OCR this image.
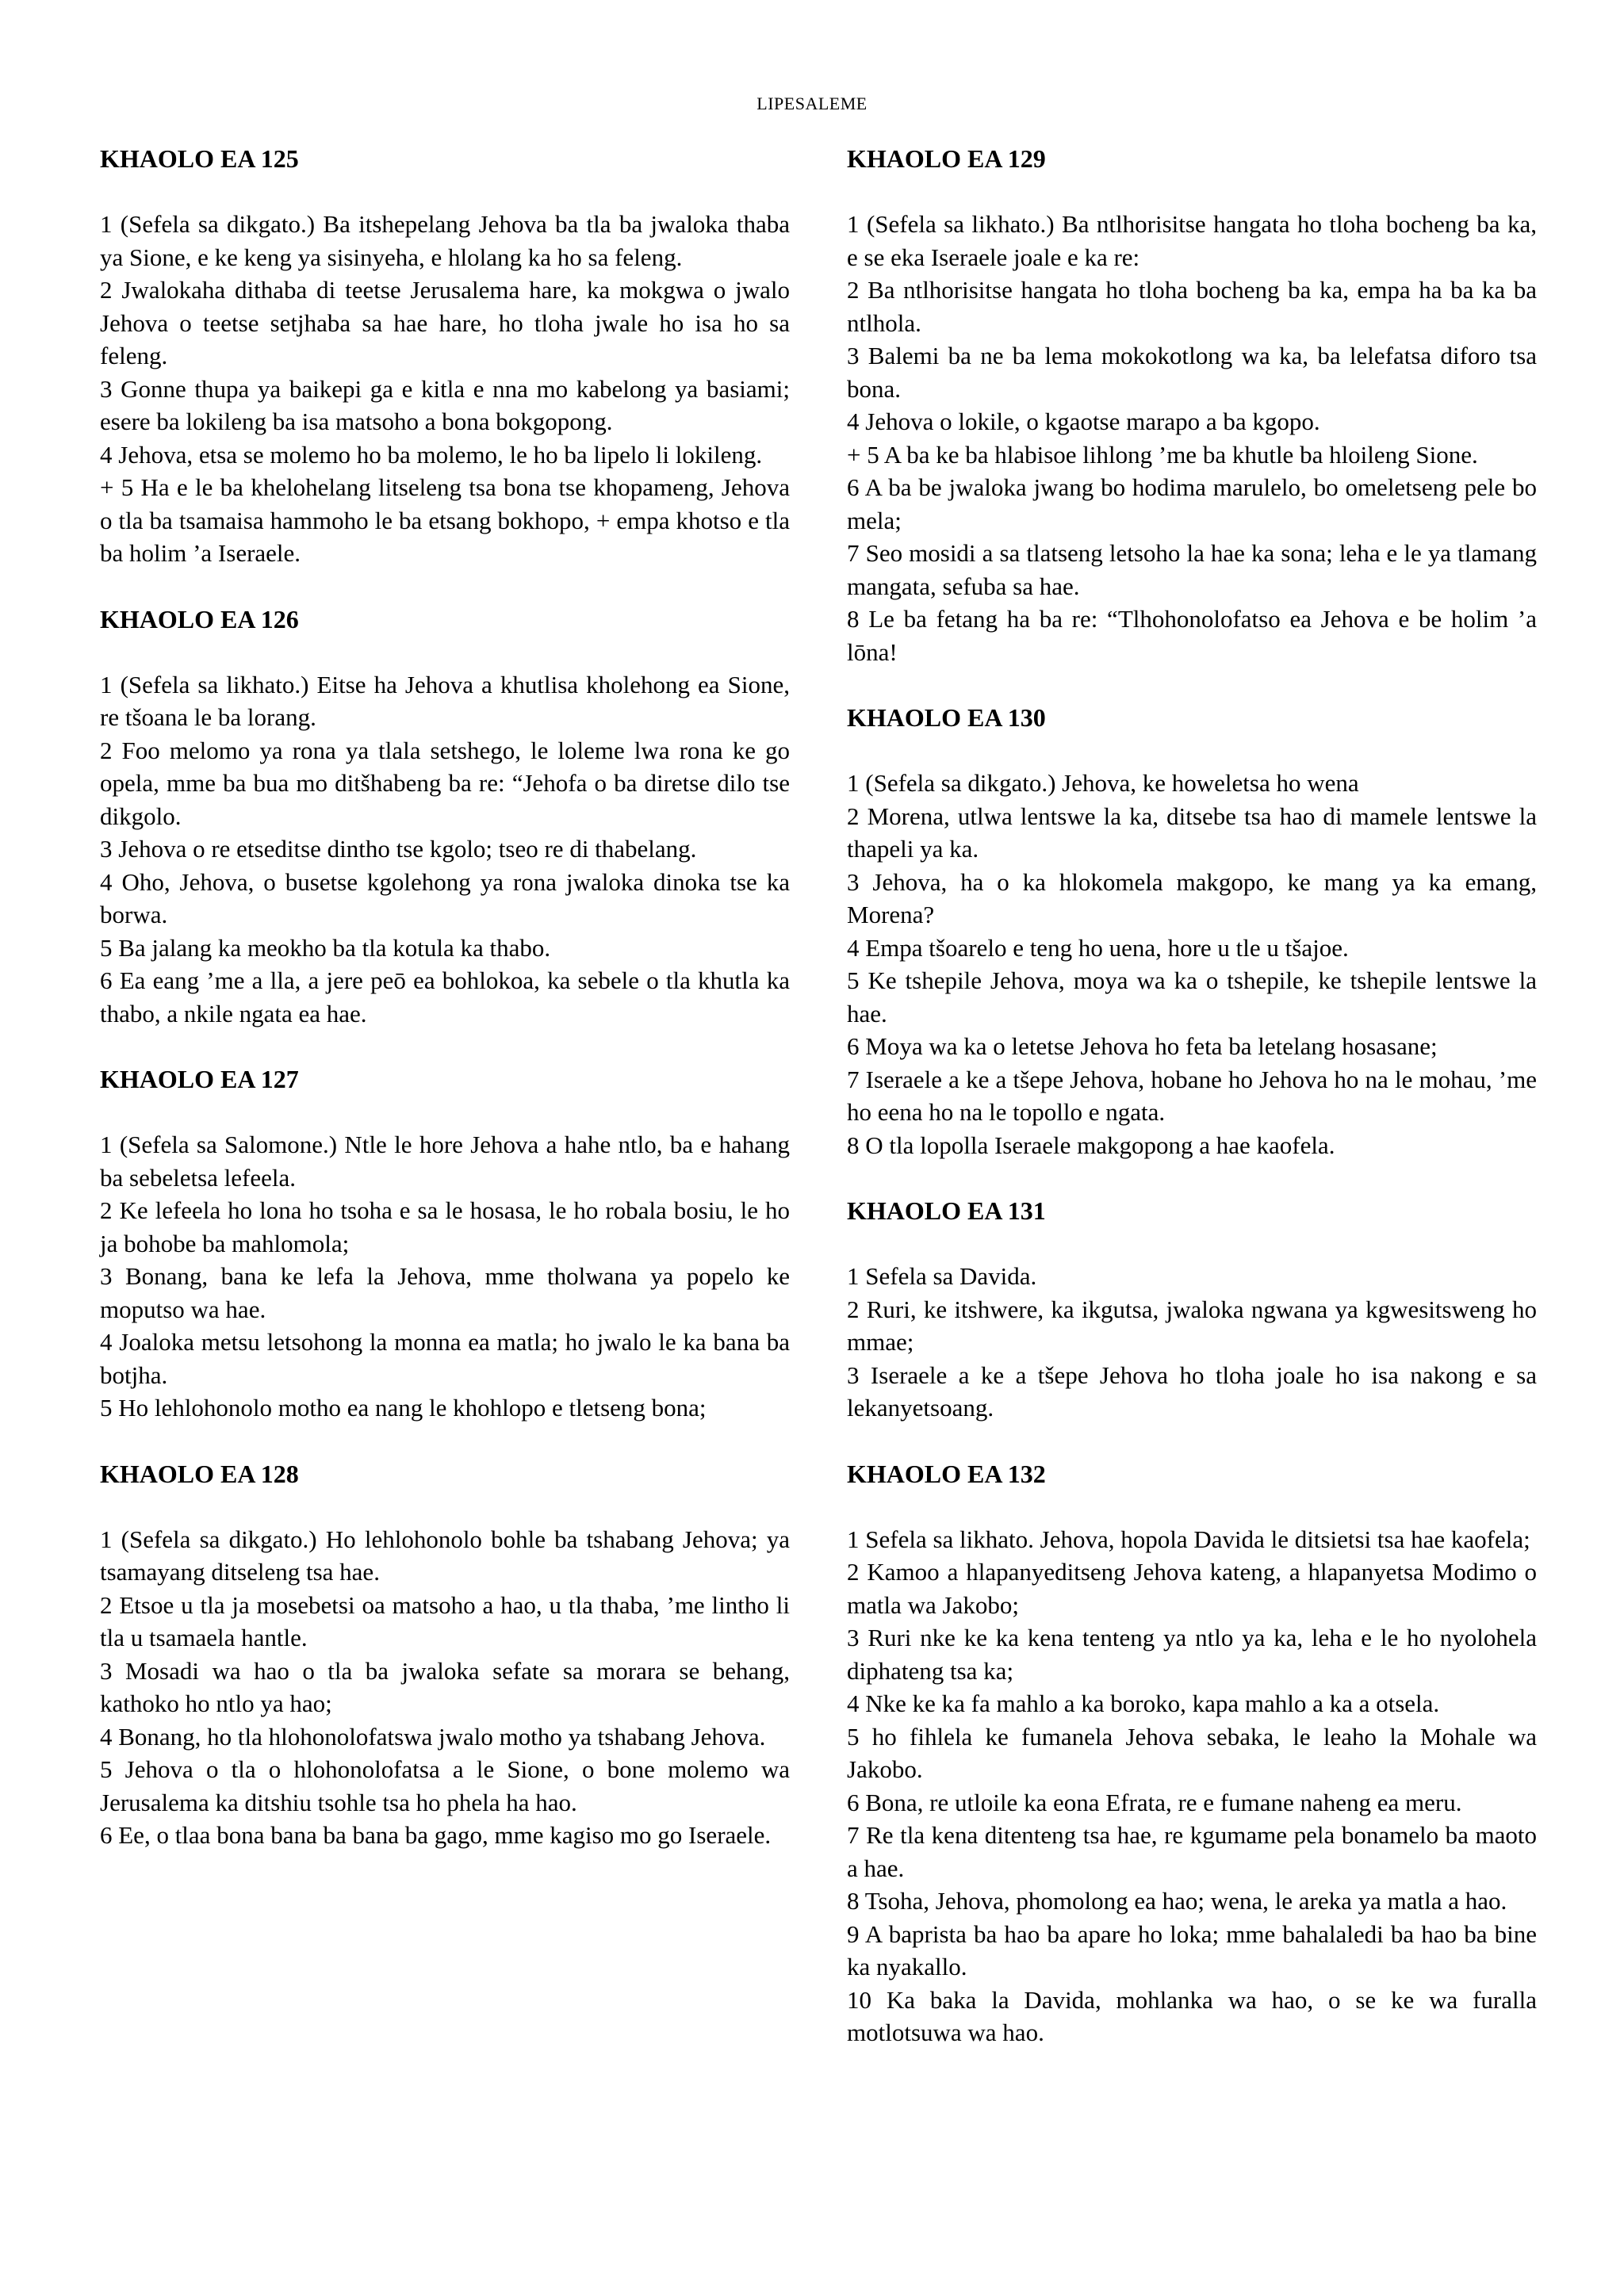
LIPESALEME
KHAOLO EA 125

1 (Sefela sa dikgato.) Ba itshepelang Jehova ba tla ba jwaloka thaba ya Sione, e ke keng ya sisinyeha, e hlolang ka ho sa feleng.

2 Jwalokaha dithaba di teetse Jerusalema hare, ka mokgwa o jwalo Jehova o teetse setjhaba sa hae hare, ho tloha jwale ho isa ho sa feleng.

3 Gonne thupa ya baikepi ga e kitla e nna mo kabelong ya basiami; esere ba lokileng ba isa matsoho a bona bokgopong.

4 Jehova, etsa se molemo ho ba molemo, le ho ba lipelo li lokileng.

+ 5 Ha e le ba khelohelang litseleng tsa bona tse khopameng, Jehova o tla ba tsamaisa hammoho le ba etsang bokhopo, + empa khotso e tla ba holim ’a Iseraele.

KHAOLO EA 126

1 (Sefela sa likhato.) Eitse ha Jehova a khutlisa kholehong ea Sione, re tšoana le ba lorang.

2 Foo melomo ya rona ya tlala setshego, le loleme lwa rona ke go opela, mme ba bua mo ditšhabeng ba re: “Jehofa o ba diretse dilo tse dikgolo.

3 Jehova o re etseditse dintho tse kgolo; tseo re di thabelang.

4 Oho, Jehova, o busetse kgolehong ya rona jwaloka dinoka tse ka borwa.

5 Ba jalang ka meokho ba tla kotula ka thabo.

6 Ea eang ’me a lla, a jere peō ea bohlokoa, ka sebele o tla khutla ka thabo, a nkile ngata ea hae.

KHAOLO EA 127

1 (Sefela sa Salomone.) Ntle le hore Jehova a hahe ntlo, ba e hahang ba sebeletsa lefeela.

2 Ke lefeela ho lona ho tsoha e sa le hosasa, le ho robala bosiu, le ho ja bohobe ba mahlomola;

3 Bonang, bana ke lefa la Jehova, mme tholwana ya popelo ke moputso wa hae.

4 Joaloka metsu letsohong la monna ea matla; ho jwalo le ka bana ba botjha.

5 Ho lehlohonolo motho ea nang le khohlopo e tletseng bona;

KHAOLO EA 128

1 (Sefela sa dikgato.) Ho lehlohonolo bohle ba tshabang Jehova; ya tsamayang ditseleng tsa hae.

2 Etsoe u tla ja mosebetsi oa matsoho a hao, u tla thaba, ’me lintho li tla u tsamaela hantle.

3 Mosadi wa hao o tla ba jwaloka sefate sa morara se behang, kathoko ho ntlo ya hao;

4 Bonang, ho tla hlohonolofatswa jwalo motho ya tshabang Jehova.

5 Jehova o tla o hlohonolofatsa a le Sione, o bone molemo wa Jerusalema ka ditshiu tsohle tsa ho phela ha hao.

6 Ee, o tlaa bona bana ba bana ba gago, mme kagiso mo go Iseraele.

KHAOLO EA 129

1 (Sefela sa likhato.) Ba ntlhorisitse hangata ho tloha bocheng ba ka, e se eka Iseraele joale e ka re:

2 Ba ntlhorisitse hangata ho tloha bocheng ba ka, empa ha ba ka ba ntlhola.

3 Balemi ba ne ba lema mokokotlong wa ka, ba lelefatsa diforo tsa bona.

4 Jehova o lokile, o kgaotse marapo a ba kgopo.

+ 5 A ba ke ba hlabisoe lihlong ’me ba khutle ba hloileng Sione.

6 A ba be jwaloka jwang bo hodima marulelo, bo omeletseng pele bo mela;

7 Seo mosidi a sa tlatseng letsoho la hae ka sona; leha e le ya tlamang mangata, sefuba sa hae.

8 Le ba fetang ha ba re: “Tlhohonolofatso ea Jehova e be holim ’a lōna!

KHAOLO EA 130

1 (Sefela sa dikgato.) Jehova, ke howeletsa ho wena

2 Morena, utlwa lentswe la ka, ditsebe tsa hao di mamele lentswe la thapeli ya ka.

3 Jehova, ha o ka hlokomela makgopo, ke mang ya ka emang, Morena?

4 Empa tšoarelo e teng ho uena, hore u tle u tšajoe.

5 Ke tshepile Jehova, moya wa ka o tshepile, ke tshepile lentswe la hae.

6 Moya wa ka o letetse Jehova ho feta ba letelang hosasane;

7 Iseraele a ke a tšepe Jehova, hobane ho Jehova ho na le mohau, ’me ho eena ho na le topollo e ngata.

8 O tla lopolla Iseraele makgopong a hae kaofela.

KHAOLO EA 131

1 Sefela sa Davida.

2 Ruri, ke itshwere, ka ikgutsa, jwaloka ngwana ya kgwesitsweng ho mmae;

3 Iseraele a ke a tšepe Jehova ho tloha joale ho isa nakong e sa lekanyetsoang.

KHAOLO EA 132

1 Sefela sa likhato. Jehova, hopola Davida le ditsietsi tsa hae kaofela;

2 Kamoo a hlapanyeditseng Jehova kateng, a hlapanyetsa Modimo o matla wa Jakobo;

3 Ruri nke ke ka kena tenteng ya ntlo ya ka, leha e le ho nyolohela diphateng tsa ka;

4 Nke ke ka fa mahlo a ka boroko, kapa mahlo a ka a otsela.

5 ho fihlela ke fumanela Jehova sebaka, le leaho la Mohale wa Jakobo.

6 Bona, re utloile ka eona Efrata, re e fumane naheng ea meru.

7 Re tla kena ditenteng tsa hae, re kgumame pela bonamelo ba maoto a hae.

8 Tsoha, Jehova, phomolong ea hao; wena, le areka ya matla a hao.

9 A baprista ba hao ba apare ho loka; mme bahalaledi ba hao ba bine ka nyakallo.

10 Ka baka la Davida, mohlanka wa hao, o se ke wa furalla motlotsuwa wa hao.
